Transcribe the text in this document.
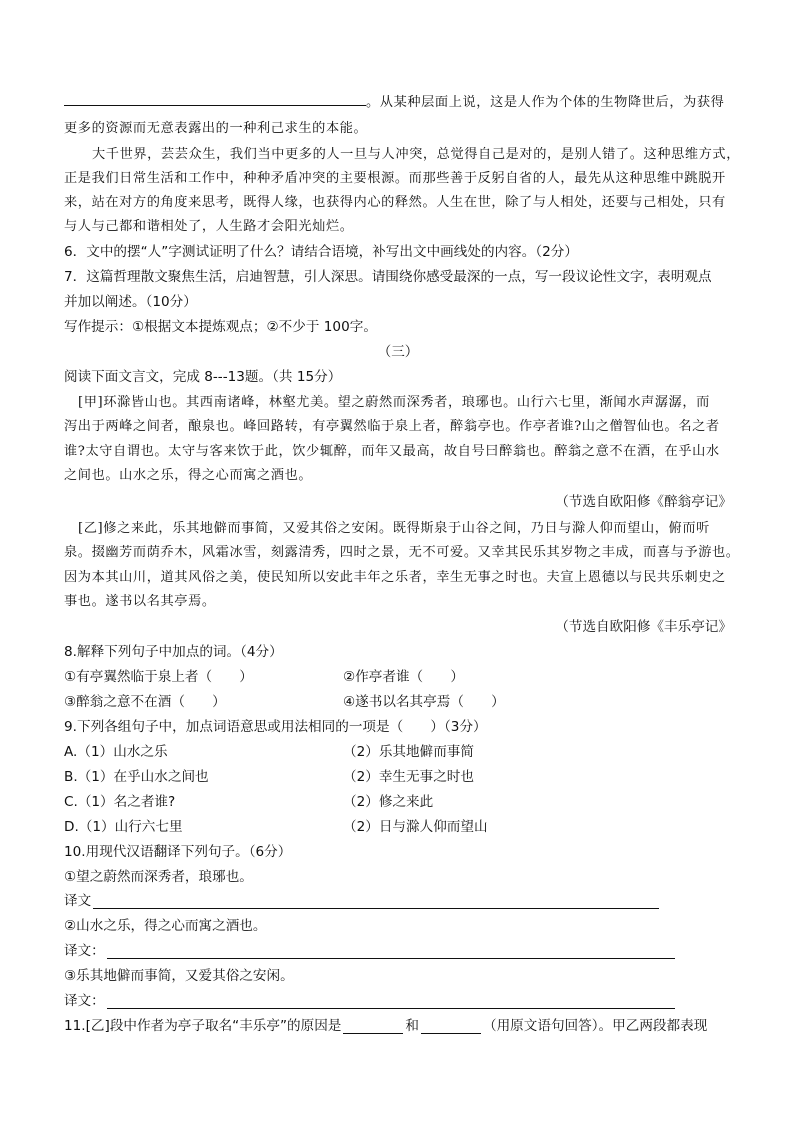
。从某种层面上说，这是人作为个体的生物降世后，为获得
更多的资源而无意表露出的一种利己求生的本能。
大千世界，芸芸众生，我们当中更多的人一旦与人冲突，总觉得自己是对的，是别人错了。这种思维方式，
正是我们日常生活和工作中，种种矛盾冲突的主要根源。而那些善于反躬自省的人，最先从这种思维中跳脱开
来，站在对方的角度来思考，既得人缘，也获得内心的释然。人生在世，除了与人相处，还要与己相处，只有
与人与己都和谐相处了，人生路才会阳光灿烂。
6．文中的摆“人”字测试证明了什么？请结合语境，补写出文中画线处的内容。（2分）
7．这篇哲理散文聚焦生活，启迪智慧，引人深思。请围绕你感受最深的一点，写一段议论性文字，表明观点
并加以阐述。（10分）
写作提示：①根据文本提炼观点；②不少于 100字。
（三）
阅读下面文言文，完成 8---13题。（共 15分）
[甲]环滁皆山也。其西南诸峰，林壑尤美。望之蔚然而深秀者，琅琊也。山行六七里，渐闻水声潺潺，而
泻出于两峰之间者，酿泉也。峰回路转，有亭翼然临于泉上者，醉翁亭也。作亭者谁?山之僧智仙也。名之者
谁?太守自谓也。太守与客来饮于此，饮少辄醉，而年又最高，故自号曰醉翁也。醉翁之意不在酒，在乎山水
之间也。山水之乐，得之心而寓之酒也。
（节选自欧阳修《醉翁亭记》
[乙]修之来此，乐其地僻而事简，又爱其俗之安闲。既得斯泉于山谷之间，乃日与滁人仰而望山，俯而听
泉。掇幽芳而荫乔木，风霜冰雪，刻露清秀，四时之景，无不可爱。又幸其民乐其岁物之丰成，而喜与予游也。
因为本其山川，道其风俗之美，使民知所以安此丰年之乐者，幸生无事之时也。夫宣上恩德以与民共乐刺史之
事也。遂书以名其亭焉。
（节选自欧阳修《丰乐亭记》
8.解释下列句子中加点的词。（4分）
①有亭翼然临于泉上者（　　）	②作亭者谁（　　）
③醉翁之意不在酒（　　）	④遂书以名其亭焉（　　）
9.下列各组句子中，加点词语意思或用法相同的一项是（　　）（3分）
A.（1）山水之乐	（2）乐其地僻而事简
B.（1）在乎山水之间也	（2）幸生无事之时也
C.（1）名之者谁?	（2）修之来此
D.（1）山行六七里	（2）日与滁人仰而望山
10.用现代汉语翻译下列句子。（6分）
①望之蔚然而深秀者，琅琊也。
译文
②山水之乐，得之心而寓之酒也。
译文：
③乐其地僻而事简，又爱其俗之安闲。
译文：
11.[乙]段中作者为亭子取名“丰乐亭”的原因是	和	（用原文语句回答）。甲乙两段都表现
